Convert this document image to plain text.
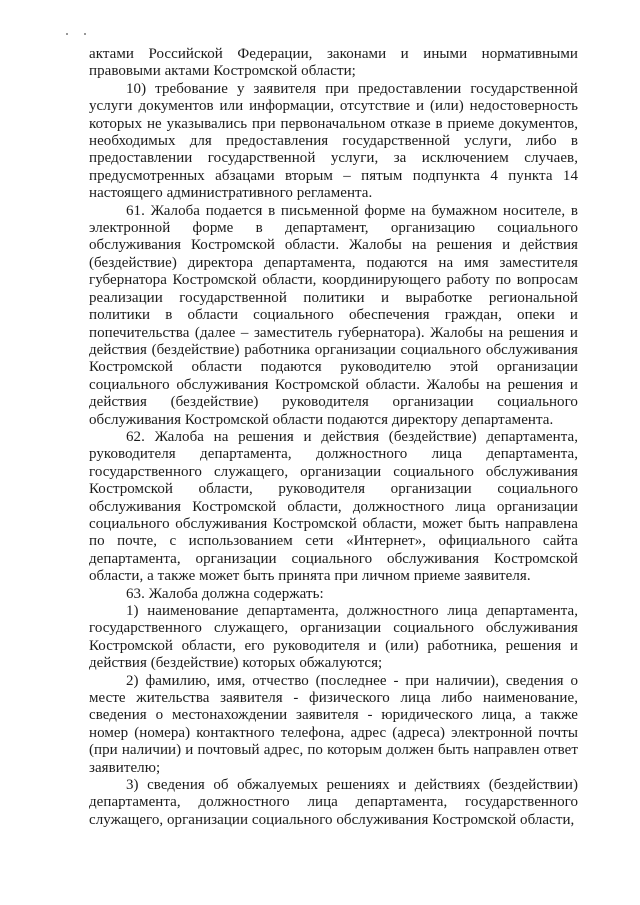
актами Российской Федерации, законами и иными нормативными правовыми актами Костромской области;

10) требование у заявителя при предоставлении государственной услуги документов или информации, отсутствие и (или) недостоверность которых не указывались при первоначальном отказе в приеме документов, необходимых для предоставления государственной услуги, либо в предоставлении государственной услуги, за исключением случаев, предусмотренных абзацами вторым – пятым подпункта 4 пункта 14 настоящего административного регламента.

61. Жалоба подается в письменной форме на бумажном носителе, в электронной форме в департамент, организацию социального обслуживания Костромской области. Жалобы на решения и действия (бездействие) директора департамента, подаются на имя заместителя губернатора Костромской области, координирующего работу по вопросам реализации государственной политики и выработке региональной политики в области социального обеспечения граждан, опеки и попечительства (далее – заместитель губернатора). Жалобы на решения и действия (бездействие) работника организации социального обслуживания Костромской области подаются руководителю этой организации социального обслуживания Костромской области. Жалобы на решения и действия (бездействие) руководителя организации социального обслуживания Костромской области подаются директору департамента.

62. Жалоба на решения и действия (бездействие) департамента, руководителя департамента, должностного лица департамента, государственного служащего, организации социального обслуживания Костромской области, руководителя организации социального обслуживания Костромской области, должностного лица организации социального обслуживания Костромской области, может быть направлена по почте, с использованием сети «Интернет», официального сайта департамента, организации социального обслуживания Костромской области, а также может быть принята при личном приеме заявителя.

63. Жалоба должна содержать:

1) наименование департамента, должностного лица департамента, государственного служащего, организации социального обслуживания Костромской области, его руководителя и (или) работника, решения и действия (бездействие) которых обжалуются;

2) фамилию, имя, отчество (последнее - при наличии), сведения о месте жительства заявителя - физического лица либо наименование, сведения о местонахождении заявителя - юридического лица, а также номер (номера) контактного телефона, адрес (адреса) электронной почты (при наличии) и почтовый адрес, по которым должен быть направлен ответ заявителю;

3) сведения об обжалуемых решениях и действиях (бездействии) департамента, должностного лица департамента, государственного служащего, организации социального обслуживания Костромской области,
